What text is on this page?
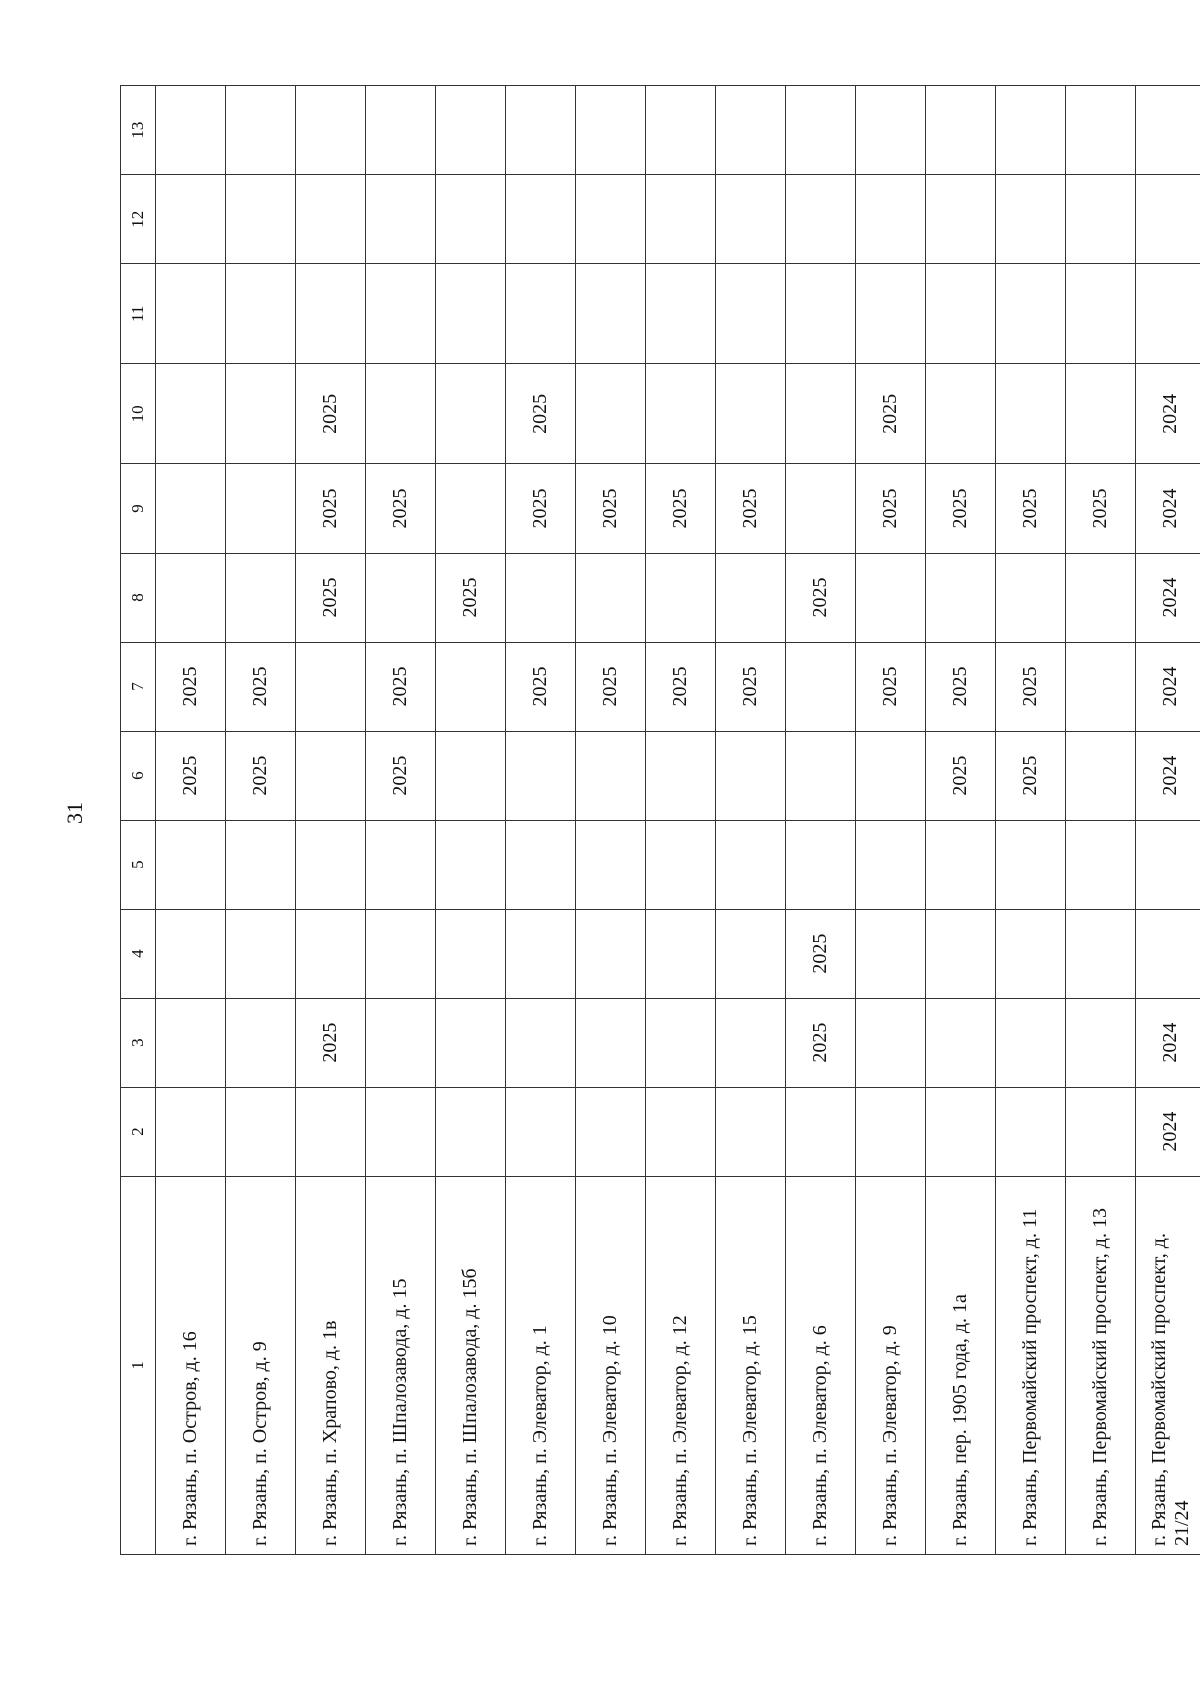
31
1	2	3	4	5	6	7	8	9	10	11	12	13
г. Рязань, п. Остров, д. 16					2025	2025						
г. Рязань, п. Остров, д. 9					2025	2025						
г. Рязань, п. Храпово, д. 1в		2025					2025	2025	2025			
г. Рязань, п. Шпалозавода, д. 15					2025	2025		2025				
г. Рязань, п. Шпалозавода, д. 15б							2025					
г. Рязань, п. Элеватор, д. 1						2025		2025	2025			
г. Рязань, п. Элеватор, д. 10						2025		2025				
г. Рязань, п. Элеватор, д. 12						2025		2025				
г. Рязань, п. Элеватор, д. 15						2025		2025				
г. Рязань, п. Элеватор, д. 6		2025	2025				2025					
г. Рязань, п. Элеватор, д. 9						2025		2025	2025			
г. Рязань, пер. 1905 года, д. 1а					2025	2025		2025				
г. Рязань, Первомайский проспект, д. 11					2025	2025		2025				
г. Рязань, Первомайский проспект, д. 13								2025				
г. Рязань, Первомайский проспект, д. 21/24	2024	2024			2024	2024	2024	2024	2024			
